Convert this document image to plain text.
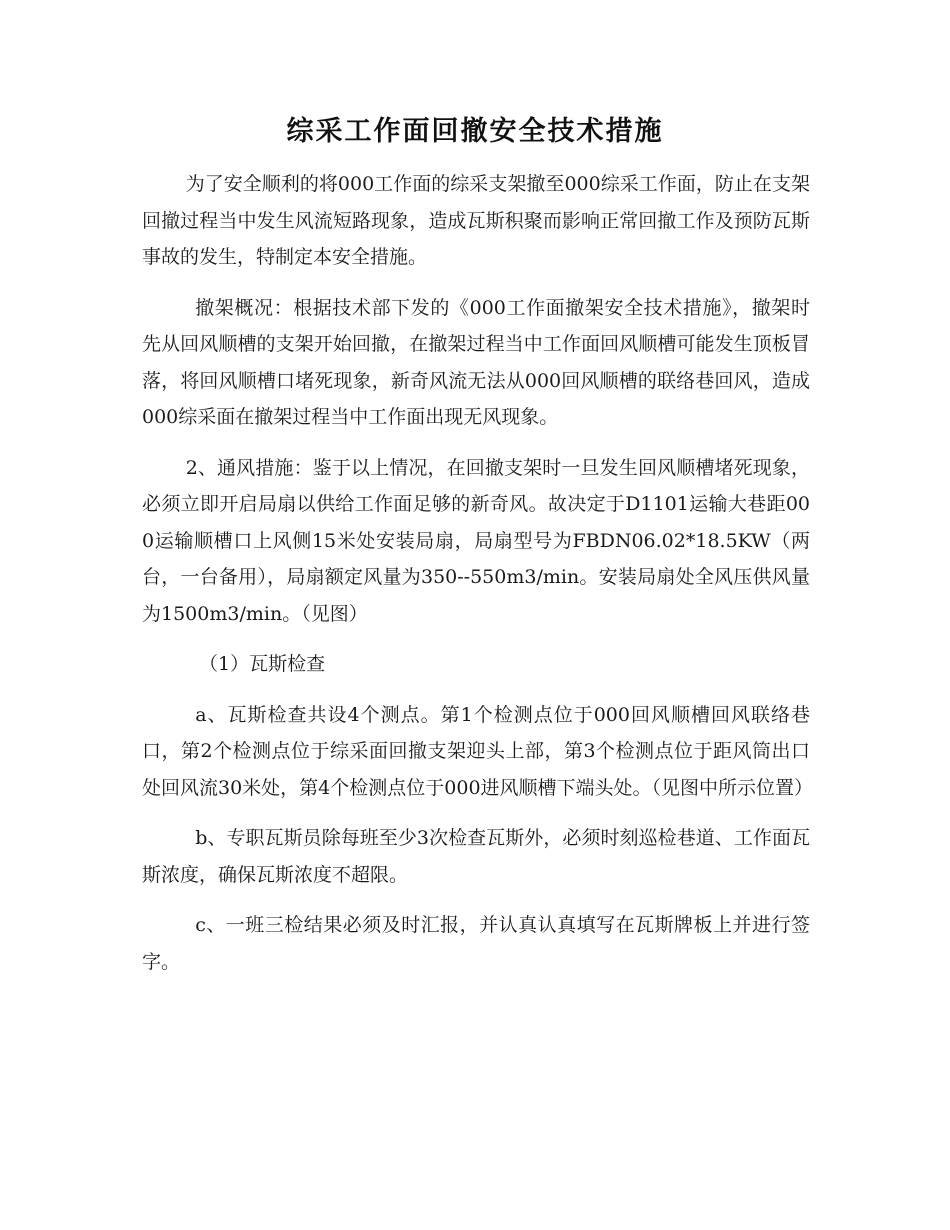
综采工作面回撤安全技术措施

为了安全顺利的将000工作面的综采支架撤至000综采工作面，防止在支架回撤过程当中发生风流短路现象，造成瓦斯积聚而影响正常回撤工作及预防瓦斯事故的发生，特制定本安全措施。

撤架概况：根据技术部下发的《000工作面撤架安全技术措施》，撤架时先从回风顺槽的支架开始回撤，在撤架过程当中工作面回风顺槽可能发生顶板冒落，将回风顺槽口堵死现象，新奇风流无法从000回风顺槽的联络巷回风，造成000综采面在撤架过程当中工作面出现无风现象。

2、通风措施：鉴于以上情况，在回撤支架时一旦发生回风顺槽堵死现象，必须立即开启局扇以供给工作面足够的新奇风。故决定于D1101运输大巷距000运输顺槽口上风侧15米处安装局扇，局扇型号为FBDN06.02*18.5KW（两台，一台备用），局扇额定风量为350--550m3/min。安装局扇处全风压供风量为1500m3/min。（见图）

（1）瓦斯检查

a、瓦斯检查共设4个测点。第1个检测点位于000回风顺槽回风联络巷口，第2个检测点位于综采面回撤支架迎头上部，第3个检测点位于距风筒出口处回风流30米处，第4个检测点位于000进风顺槽下端头处。（见图中所示位置）

b、专职瓦斯员除每班至少3次检查瓦斯外，必须时刻巡检巷道、工作面瓦斯浓度，确保瓦斯浓度不超限。

c、一班三检结果必须及时汇报，并认真认真填写在瓦斯牌板上并进行签字。
